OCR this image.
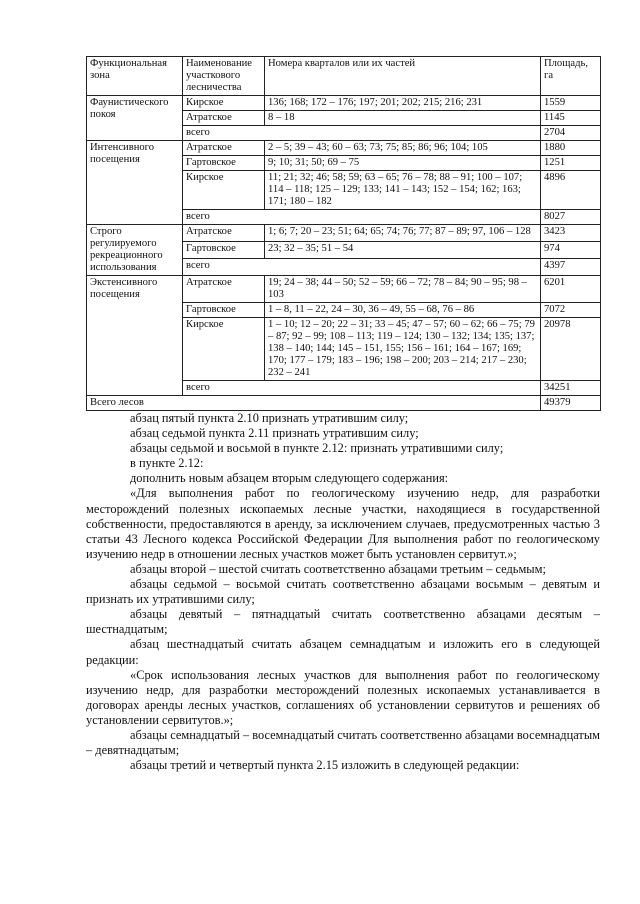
Функциональная зона	Наименование участкового лесничества	Номера кварталов или их частей	Площадь, га
Фаунистического покоя	Кирское	136; 168; 172 – 176; 197; 201; 202; 215; 216; 231	1559
	Атратское	8 – 18	1145
	всего		2704
Интенсивного посещения	Атратское	2 – 5; 39 – 43; 60 – 63; 73; 75; 85; 86; 96; 104; 105	1880
	Гартовское	9; 10; 31; 50; 69 – 75	1251
	Кирское	11; 21; 32; 46; 58; 59; 63 – 65; 76 – 78; 88 – 91; 100 – 107; 114 – 118; 125 – 129; 133; 141 – 143; 152 – 154; 162; 163; 171; 180 – 182	4896
	всего		8027
Строго регулируемого рекреационного использования	Атратское	1; 6; 7; 20 – 23; 51; 64; 65; 74; 76; 77; 87 – 89; 97, 106 – 128	3423
	Гартовское	23; 32 – 35; 51 – 54	974
	всего		4397
Экстенсивного посещения	Атратское	19; 24 – 38; 44 – 50; 52 – 59; 66 – 72; 78 – 84; 90 – 95; 98 – 103	6201
	Гартовское	1 – 8, 11 – 22, 24 – 30, 36 – 49, 55 – 68, 76 – 86	7072
	Кирское	1 – 10; 12 – 20; 22 – 31; 33 – 45; 47 – 57; 60 – 62; 66 – 75; 79 – 87; 92 – 99; 108 – 113; 119 – 124; 130 – 132; 134; 135; 137; 138 – 140; 144; 145 – 151, 155; 156 – 161; 164 – 167; 169; 170; 177 – 179; 183 – 196; 198 – 200; 203 – 214; 217 – 230; 232 – 241	20978
	всего		34251
Всего лесов			49379

абзац пятый пункта 2.10 признать утратившим силу;

абзац седьмой пункта 2.11 признать утратившим силу;

абзацы седьмой и восьмой в пункте 2.12: признать утратившими силу;

в пункте 2.12:

дополнить новым абзацем вторым следующего содержания:

«Для выполнения работ по геологическому изучению недр, для разработки месторождений полезных ископаемых лесные участки, находящиеся в государственной собственности, предоставляются в аренду, за исключением случаев, предусмотренных частью 3 статьи 43 Лесного кодекса Российской Федерации Для выполнения работ по геологическому изучению недр в отношении лесных участков может быть установлен сервитут.»;

абзацы второй – шестой считать соответственно абзацами третьим – седьмым;

абзацы седьмой – восьмой считать соответственно абзацами восьмым – девятым и признать их утратившими силу;

абзацы девятый – пятнадцатый считать соответственно абзацами десятым – шестнадцатым;

абзац шестнадцатый считать абзацем семнадцатым и изложить его в следующей редакции:

«Срок использования лесных участков для выполнения работ по геологическому изучению недр, для разработки месторождений полезных ископаемых устанавливается в договорах аренды лесных участков, соглашениях об установлении сервитутов и решениях об установлении сервитутов.»;

абзацы семнадцатый – восемнадцатый считать соответственно абзацами восемнадцатым – девятнадцатым;

абзацы третий и четвертый пункта 2.15 изложить в следующей редакции:
